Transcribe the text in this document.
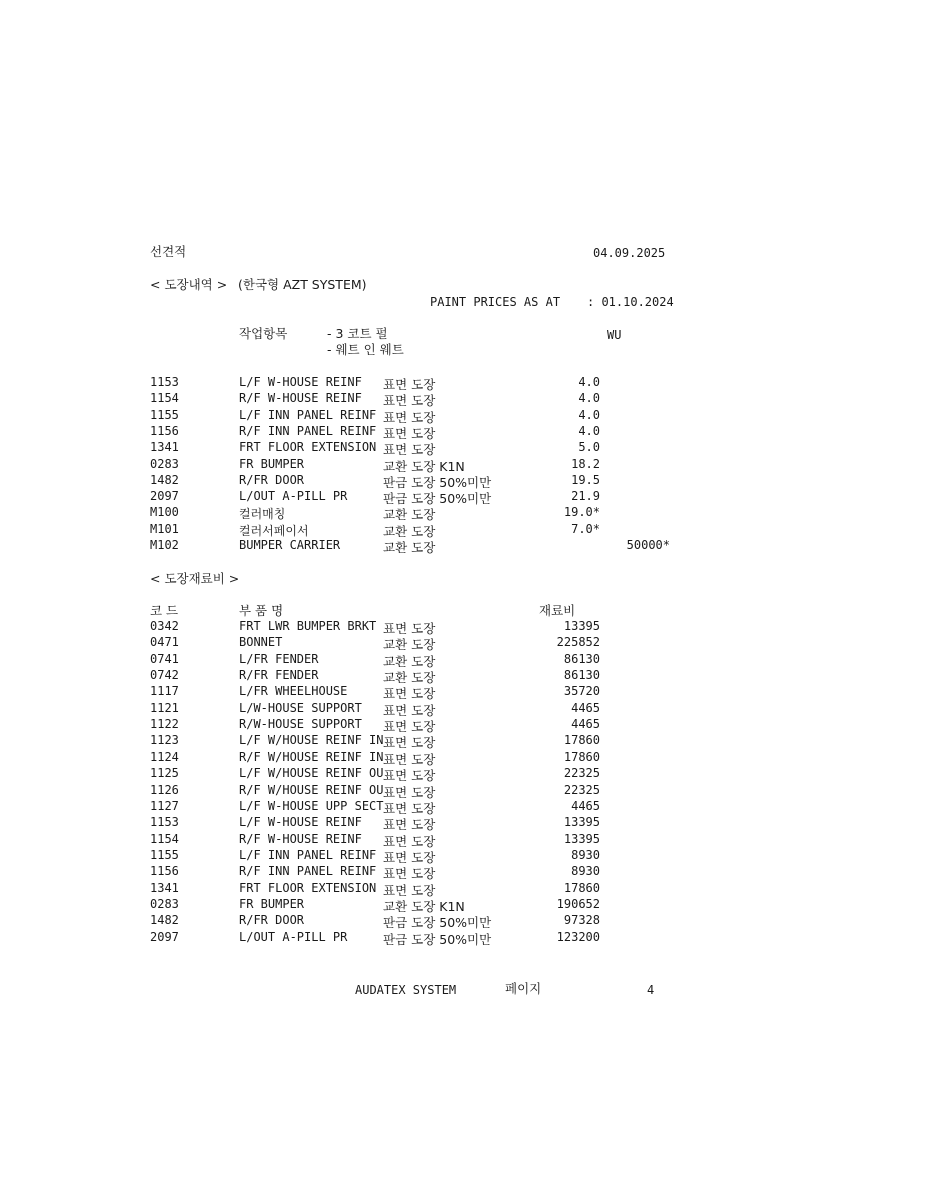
선견적	04.09.2025
< 도장내역 > (한국형 AZT SYSTEM)
PAINT PRICES AS AT : 01.10.2024
작업항목	- 3 코트 펄
- 웨트 인 웨트
WU
1153	L/F W-HOUSE REINF 표면 도장	4.0
1154	R/F W-HOUSE REINF 표면 도장	4.0
1155	L/F INN PANEL REINF 표면 도장	4.0
1156	R/F INN PANEL REINF 표면 도장	4.0
1341	FRT FLOOR EXTENSION 표면 도장	5.0
0283	FR BUMPER	교환 도장 K1N	18.2
1482	R/FR DOOR	판금 도장 50%미만	19.5
2097	L/OUT A-PILL PR	판금 도장 50%미만	21.9
M100	컬러매칭	교환 도장	19.0*
M101	컬러서페이서	교환 도장	7.0*
M102	BUMPER CARRIER	교환 도장	50000*
< 도장재료비 >
코 드	부 품 명	재료비
0342	FRT LWR BUMPER BRKT 표면 도장	13395
0471	BONNET	교환 도장	225852
0741	L/FR FENDER	교환 도장	86130
0742	R/FR FENDER	교환 도장	86130
1117	L/FR WHEELHOUSE	표면 도장	35720
1121	L/W-HOUSE SUPPORT 표면 도장	4465
1122	R/W-HOUSE SUPPORT 표면 도장	4465
1123	L/F W/HOUSE REINF IN 표면 도장	17860
1124	R/F W/HOUSE REINF IN 표면 도장	17860
1125	L/F W/HOUSE REINF OU 표면 도장	22325
1126	R/F W/HOUSE REINF OU 표면 도장	22325
1127	L/F W-HOUSE UPP SECT 표면 도장	4465
1153	L/F W-HOUSE REINF 표면 도장	13395
1154	R/F W-HOUSE REINF 표면 도장	13395
1155	L/F INN PANEL REINF 표면 도장	8930
1156	R/F INN PANEL REINF 표면 도장	8930
1341	FRT FLOOR EXTENSION 표면 도장	17860
0283	FR BUMPER	교환 도장 K1N	190652
1482	R/FR DOOR	판금 도장 50%미만	97328
2097	L/OUT A-PILL PR	판금 도장 50%미만	123200
AUDATEX SYSTEM	페이지	4
